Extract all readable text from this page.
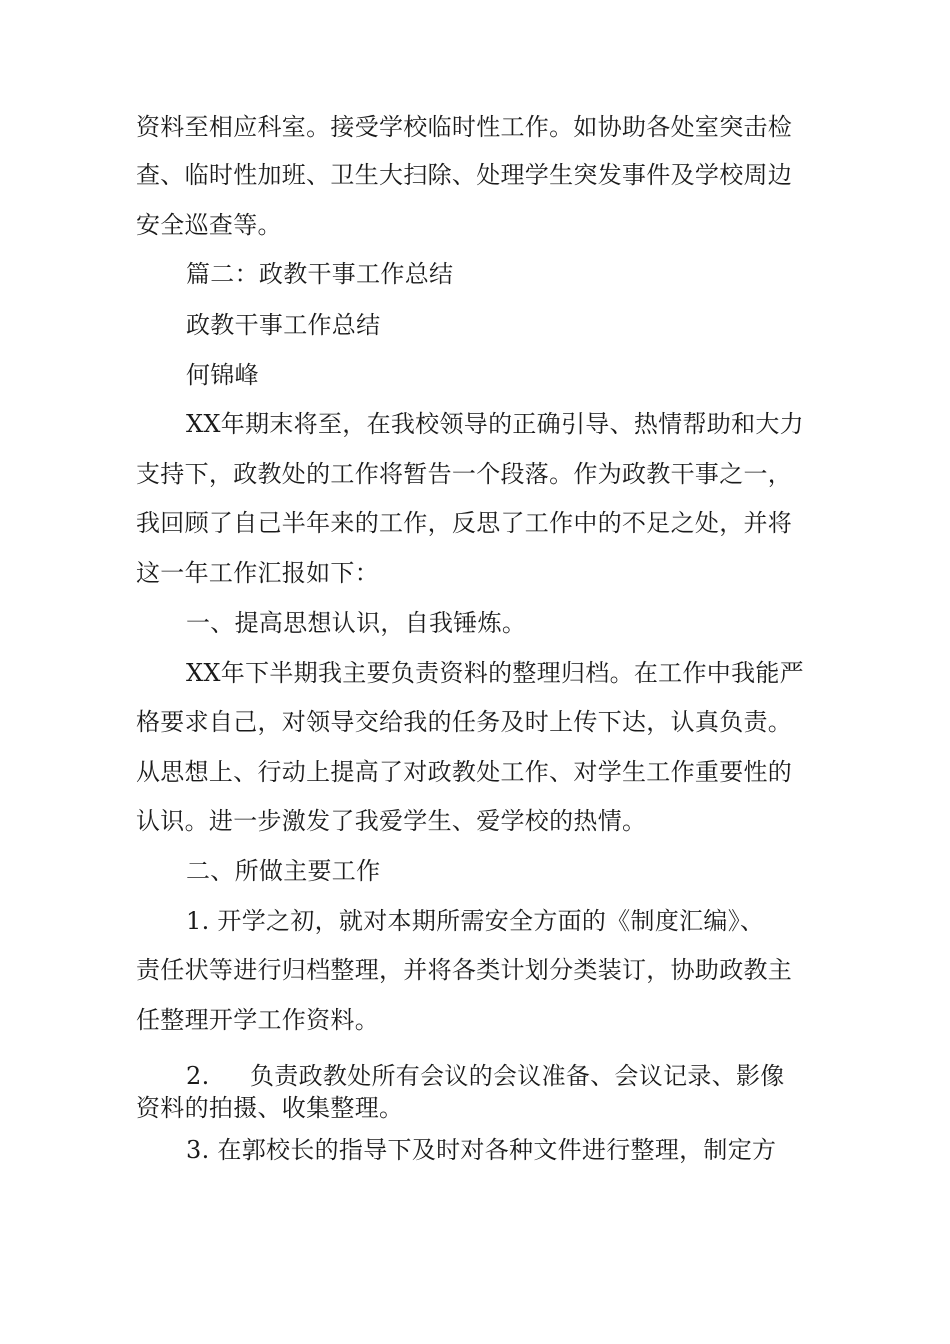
资料至相应科室。接受学校临时性工作。如协助各处室突击检
查、临时性加班、卫生大扫除、处理学生突发事件及学校周边
安全巡查等。
篇二：政教干事工作总结
政教干事工作总结
何锦峰
XX年期末将至，在我校领导的正确引导、热情帮助和大力
支持下，政教处的工作将暂告一个段落。作为政教干事之一，
我回顾了自己半年来的工作，反思了工作中的不足之处，并将
这一年工作汇报如下：
一、提高思想认识，自我锤炼。
XX年下半期我主要负责资料的整理归档。在工作中我能严
格要求自己，对领导交给我的任务及时上传下达，认真负责。
从思想上、行动上提高了对政教处工作、对学生工作重要性的
认识。进一步激发了我爱学生、爱学校的热情。
二、所做主要工作
1. 开学之初，就对本期所需安全方面的《制度汇编》、
责任状等进行归档整理，并将各类计划分类装订，协助政教主
任整理开学工作资料。
2. 负责政教处所有会议的会议准备、会议记录、影像
资料的拍摄、收集整理。
3. 在郭校长的指导下及时对各种文件进行整理，制定方
